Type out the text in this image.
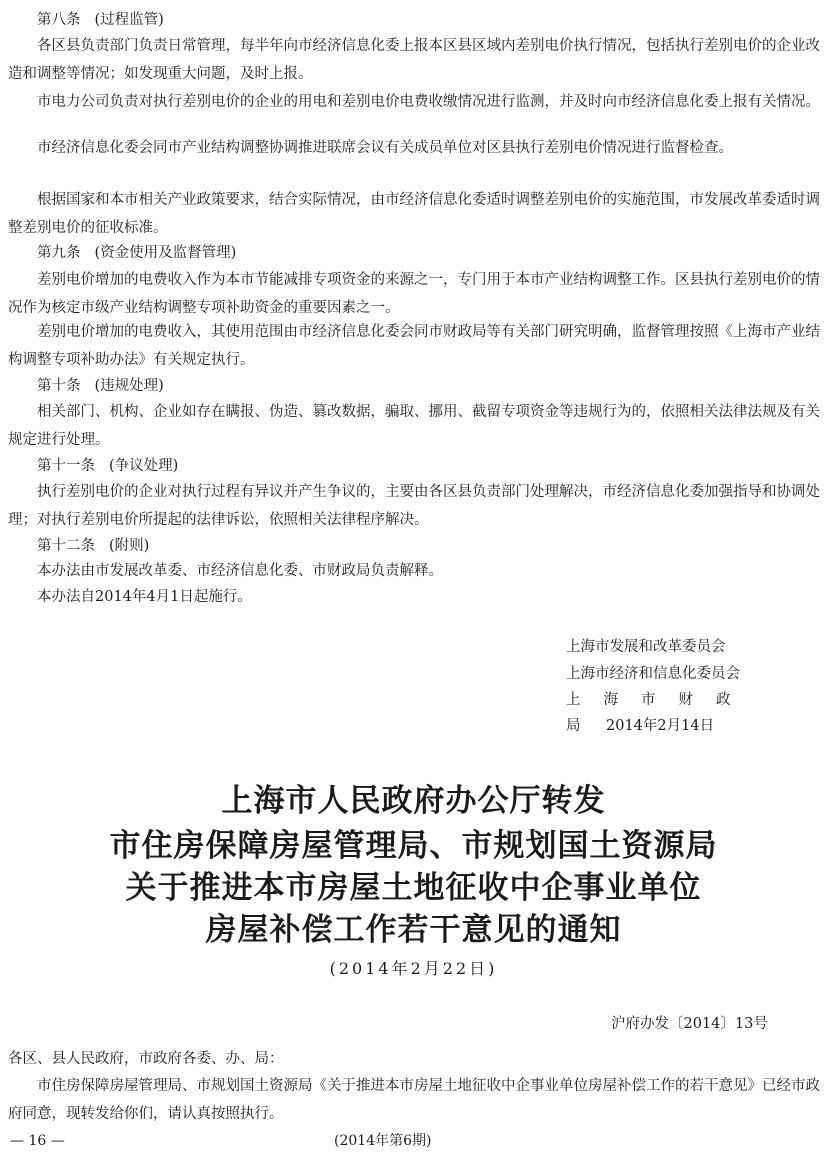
第八条 (过程监管)

各区县负责部门负责日常管理，每半年向市经济信息化委上报本区县区域内差别电价执行情况，包括执行差别电价的企业改造和调整等情况；如发现重大问题，及时上报。

市电力公司负责对执行差别电价的企业的用电和差别电价电费收缴情况进行监测，并及时向市经济信息化委上报有关情况。

市经济信息化委会同市产业结构调整协调推进联席会议有关成员单位对区县执行差别电价情况进行监督检查。

根据国家和本市相关产业政策要求，结合实际情况，由市经济信息化委适时调整差别电价的实施范围，市发展改革委适时调整差别电价的征收标准。

第九条 (资金使用及监督管理)

差别电价增加的电费收入作为本市节能减排专项资金的来源之一，专门用于本市产业结构调整工作。区县执行差别电价的情况作为核定市级产业结构调整专项补助资金的重要因素之一。

差别电价增加的电费收入，其使用范围由市经济信息化委会同市财政局等有关部门研究明确，监督管理按照《上海市产业结构调整专项补助办法》有关规定执行。

第十条 (违规处理)

相关部门、机构、企业如存在瞒报、伪造、篡改数据，骗取、挪用、截留专项资金等违规行为的，依照相关法律法规及有关规定进行处理。

第十一条 (争议处理)

执行差别电价的企业对执行过程有异议并产生争议的，主要由各区县负责部门处理解决，市经济信息化委加强指导和协调处理；对执行差别电价所提起的法律诉讼，依照相关法律程序解决。

第十二条 (附则)

本办法由市发展改革委、市经济信息化委、市财政局负责解释。

本办法自2014年4月1日起施行。

上海市发展和改革委员会

上海市经济和信息化委员会

上海市财政局 2014年2月14日

上海市人民政府办公厅转发

市住房保障房屋管理局、市规划国土资源局

关于推进本市房屋土地征收中企事业单位

房屋补偿工作若干意见的通知

(2014年2月22日)

沪府办发〔2014〕13号

各区、县人民政府，市政府各委、办、局：

市住房保障房屋管理局、市规划国土资源局《关于推进本市房屋土地征收中企事业单位房屋补偿工作的若干意见》已经市政府同意，现转发给你们，请认真按照执行。

— 16 —	(2014年第6期)
